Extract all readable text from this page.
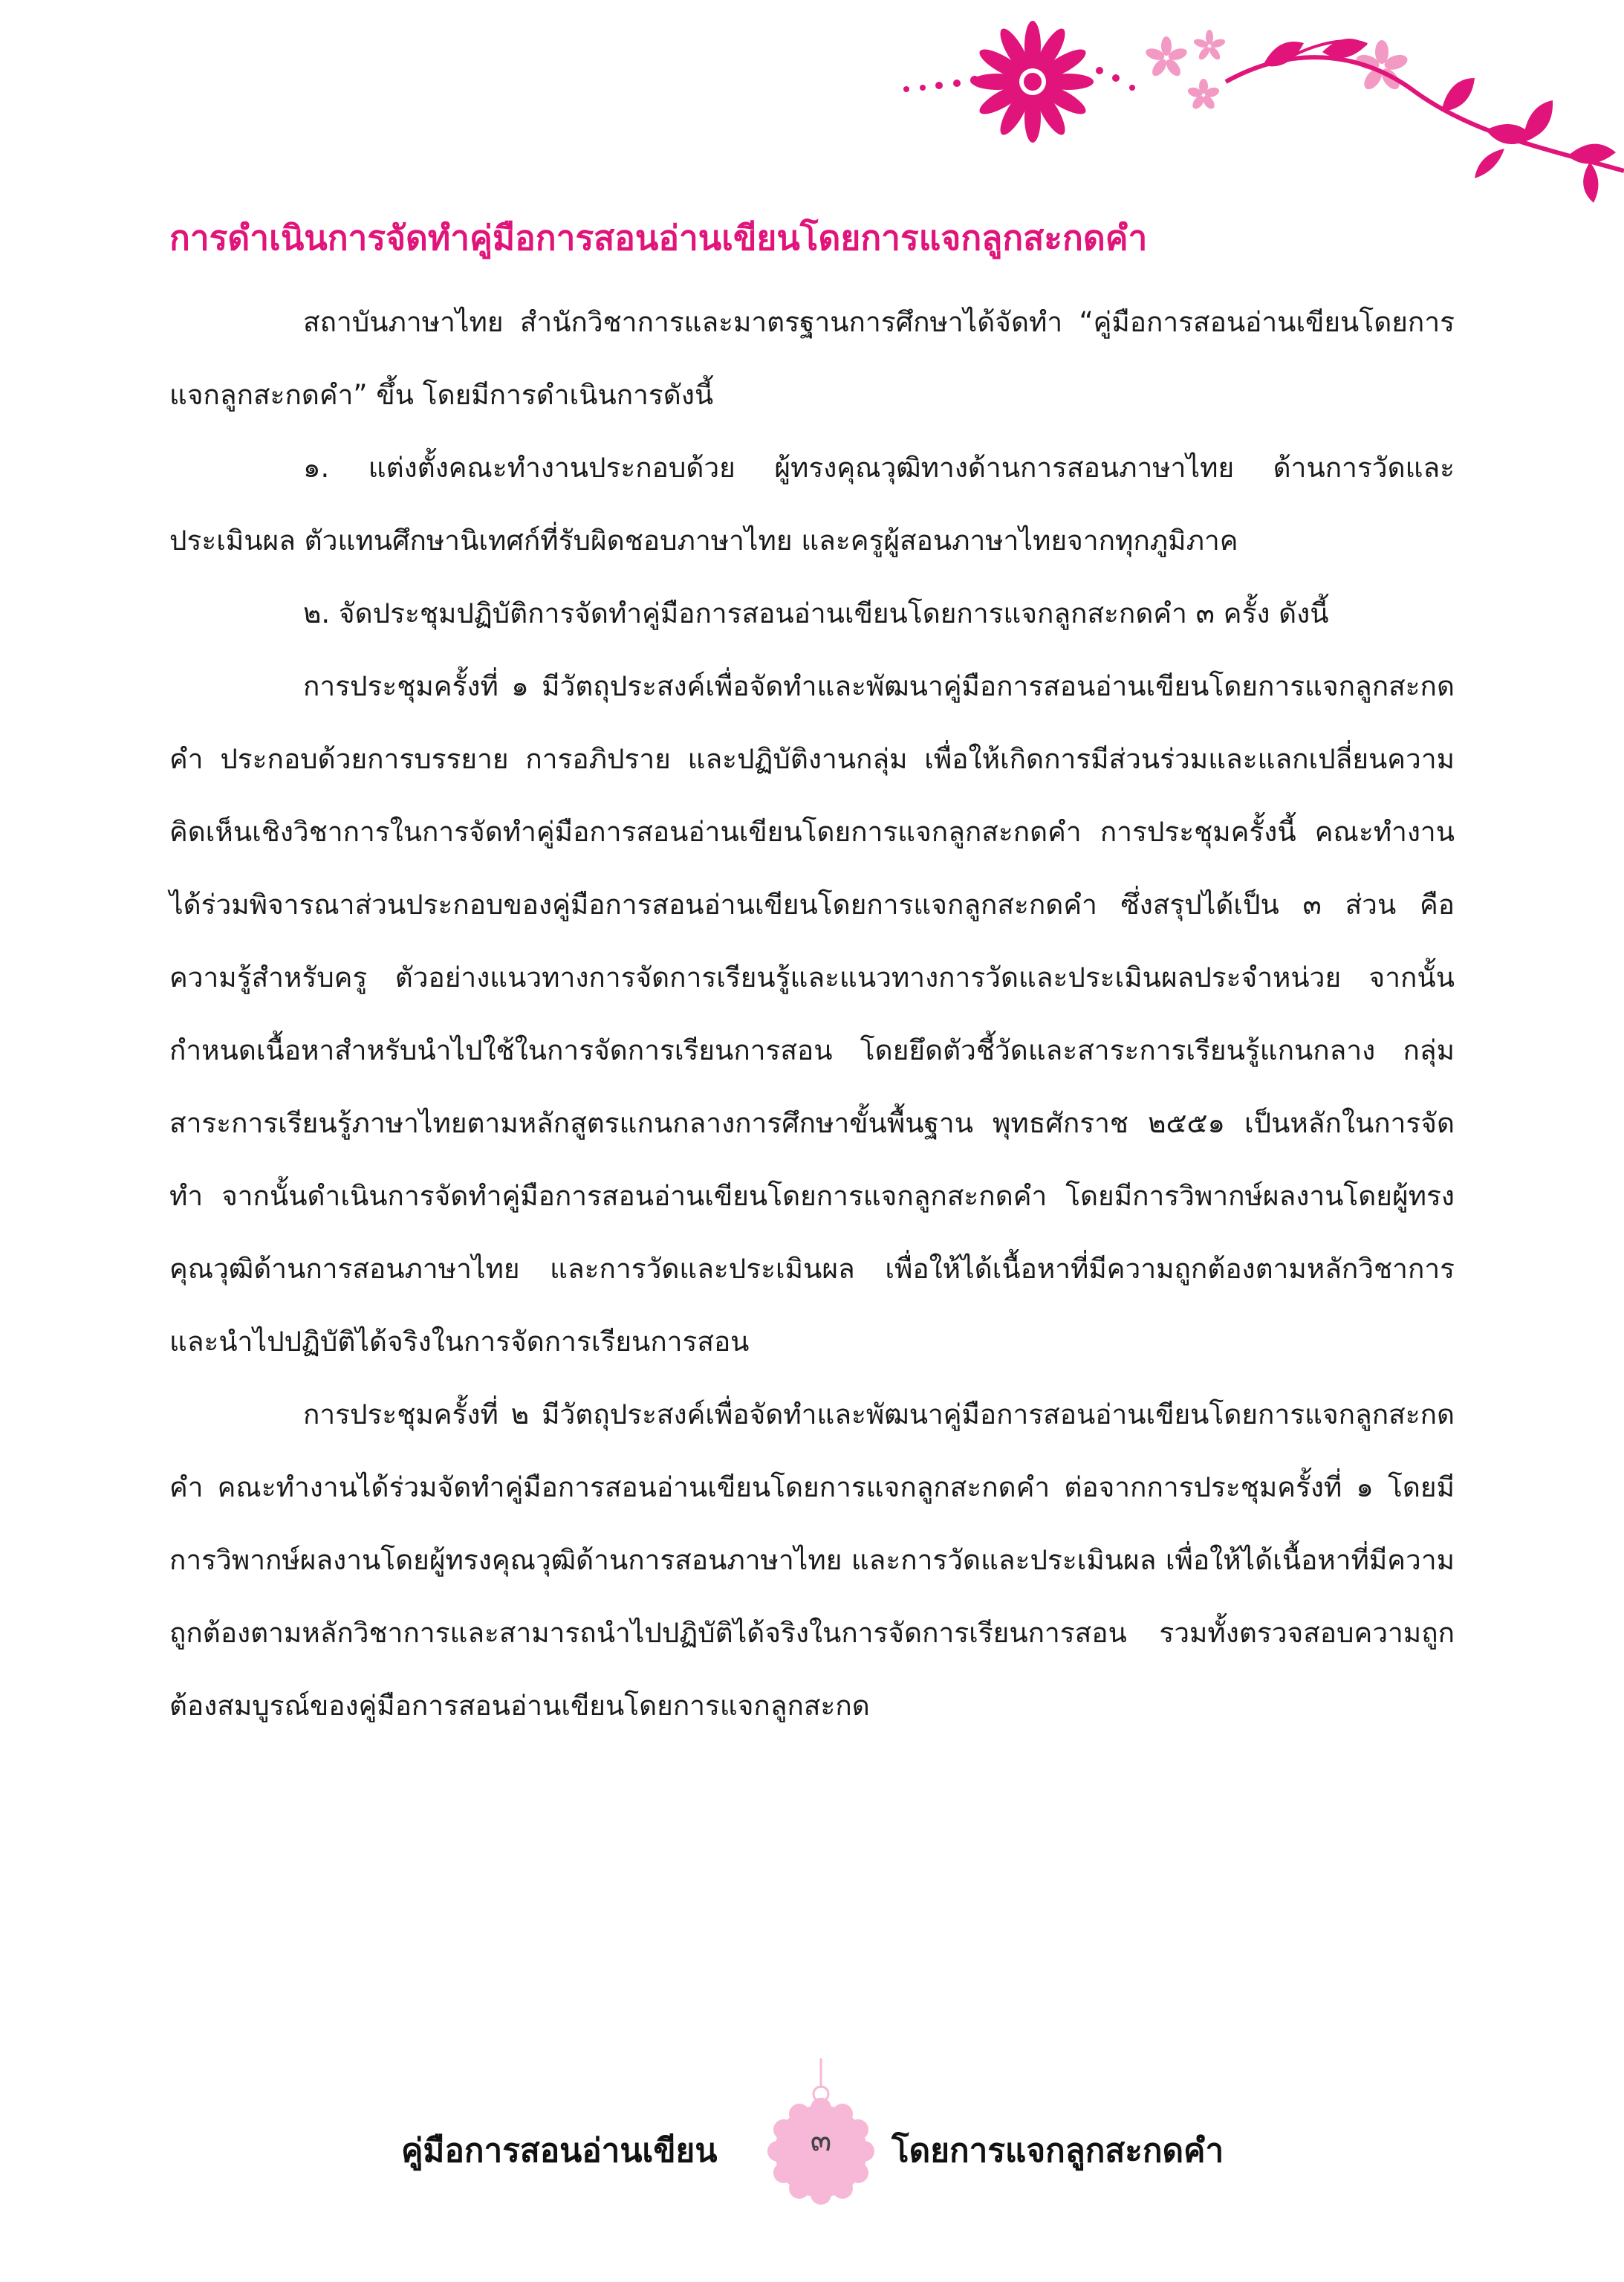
การดำเนินการจัดทำคู่มือการสอนอ่านเขียนโดยการแจกลูกสะกดคำ

สถาบันภาษาไทย สำนักวิชาการและมาตรฐานการศึกษาได้จัดทำ “คู่มือการสอนอ่านเขียนโดยการแจกลูกสะกดคำ” ขึ้น โดยมีการดำเนินการดังนี้

๑. แต่งตั้งคณะทำงานประกอบด้วย ผู้ทรงคุณวุฒิทางด้านการสอนภาษาไทย ด้านการวัดและประเมินผล ตัวแทนศึกษานิเทศก์ที่รับผิดชอบภาษาไทย และครูผู้สอนภาษาไทยจากทุกภูมิภาค

๒. จัดประชุมปฏิบัติการจัดทำคู่มือการสอนอ่านเขียนโดยการแจกลูกสะกดคำ ๓ ครั้ง ดังนี้

การประชุมครั้งที่ ๑ มีวัตถุประสงค์เพื่อจัดทำและพัฒนาคู่มือการสอนอ่านเขียนโดยการแจกลูกสะกดคำ ประกอบด้วยการบรรยาย การอภิปราย และปฏิบัติงานกลุ่ม เพื่อให้เกิดการมีส่วนร่วมและแลกเปลี่ยนความคิดเห็นเชิงวิชาการในการจัดทำคู่มือการสอนอ่านเขียนโดยการแจกลูกสะกดคำ การประชุมครั้งนี้ คณะทำงานได้ร่วมพิจารณาส่วนประกอบของคู่มือการสอนอ่านเขียนโดยการแจกลูกสะกดคำ ซึ่งสรุปได้เป็น ๓ ส่วน คือ ความรู้สำหรับครู ตัวอย่างแนวทางการจัดการเรียนรู้และแนวทางการวัดและประเมินผลประจำหน่วย จากนั้นกำหนดเนื้อหาสำหรับนำไปใช้ในการจัดการเรียนการสอน โดยยึดตัวชี้วัดและสาระการเรียนรู้แกนกลาง กลุ่มสาระการเรียนรู้ภาษาไทยตามหลักสูตรแกนกลางการศึกษาขั้นพื้นฐาน พุทธศักราช ๒๕๕๑ เป็นหลักในการจัดทำ จากนั้นดำเนินการจัดทำคู่มือการสอนอ่านเขียนโดยการแจกลูกสะกดคำ โดยมีการวิพากษ์ผลงานโดยผู้ทรงคุณวุฒิด้านการสอนภาษาไทย และการวัดและประเมินผล เพื่อให้ได้เนื้อหาที่มีความถูกต้องตามหลักวิชาการและนำไปปฏิบัติได้จริงในการจัดการเรียนการสอน

การประชุมครั้งที่ ๒ มีวัตถุประสงค์เพื่อจัดทำและพัฒนาคู่มือการสอนอ่านเขียนโดยการแจกลูกสะกดคำ คณะทำงานได้ร่วมจัดทำคู่มือการสอนอ่านเขียนโดยการแจกลูกสะกดคำ ต่อจากการประชุมครั้งที่ ๑ โดยมีการวิพากษ์ผลงานโดยผู้ทรงคุณวุฒิด้านการสอนภาษาไทย และการวัดและประเมินผล เพื่อให้ได้เนื้อหาที่มีความถูกต้องตามหลักวิชาการและสามารถนำไปปฏิบัติได้จริงในการจัดการเรียนการสอน รวมทั้งตรวจสอบความถูกต้องสมบูรณ์ของคู่มือการสอนอ่านเขียนโดยการแจกลูกสะกด

คู่มือการสอนอ่านเขียน	๓	โดยการแจกลูกสะกดคำ
